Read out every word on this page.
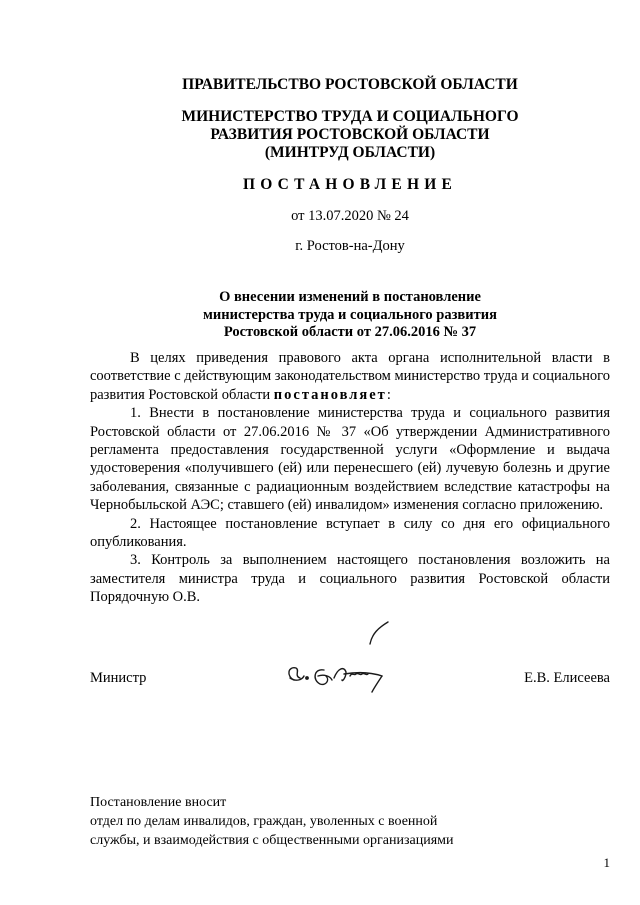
ПРАВИТЕЛЬСТВО РОСТОВСКОЙ ОБЛАСТИ
МИНИСТЕРСТВО ТРУДА И СОЦИАЛЬНОГО
РАЗВИТИЯ РОСТОВСКОЙ ОБЛАСТИ
(МИНТРУД ОБЛАСТИ)
ПОСТАНОВЛЕНИЕ
от 13.07.2020 № 24
г. Ростов-на-Дону
О внесении изменений в постановление
министерства труда и социального развития
Ростовской области от 27.06.2016 № 37

В целях приведения правового акта органа исполнительной власти в соответствие с действующим законодательством министерство труда и социального развития Ростовской области постановляет:

1. Внести в постановление министерства труда и социального развития Ростовской области от 27.06.2016 № 37 «Об утверждении Административного регламента предоставления государственной услуги «Оформление и выдача удостоверения «получившего (ей) или перенесшего (ей) лучевую болезнь и другие заболевания, связанные с радиационным воздействием вследствие катастрофы на Чернобыльской АЭС; ставшего (ей) инвалидом» изменения согласно приложению.

2. Настоящее постановление вступает в силу со дня его официального опубликования.

3. Контроль за выполнением настоящего постановления возложить на заместителя министра труда и социального развития Ростовской области Порядочную О.В.

Министр	Е.В. Елисеева
Постановление вносит
отдел по делам инвалидов, граждан, уволенных с военной
службы, и взаимодействия с общественными организациями
1
